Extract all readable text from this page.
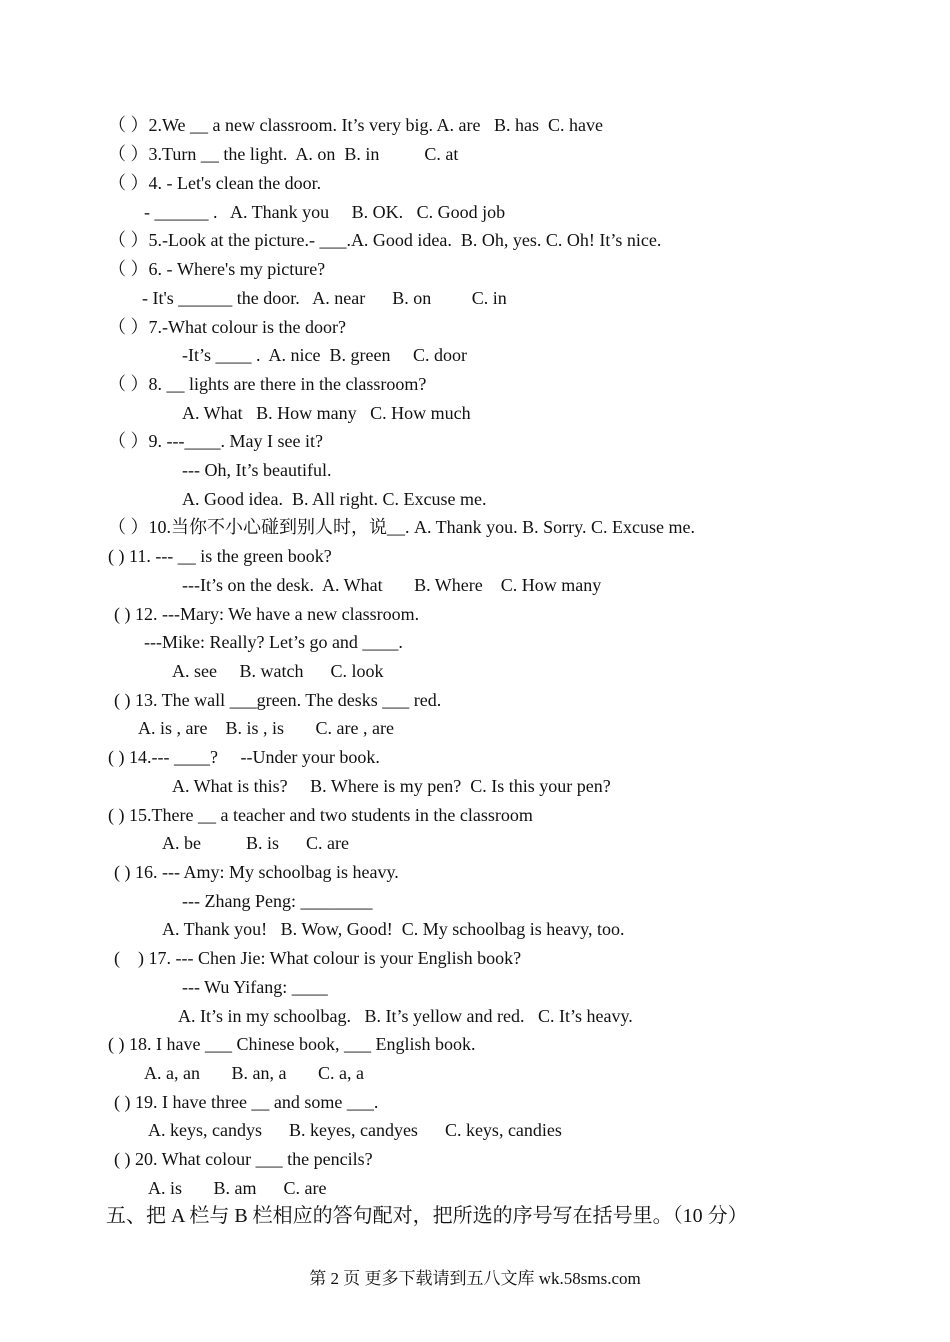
（ ）2.We __ a new classroom. It’s very big. A. are   B. has  C. have
（ ）3.Turn __ the light.  A. on  B. in          C. at
（ ）4. - Let's clean the door.
- ______ .   A. Thank you     B. OK.   C. Good job
（ ）5.-Look at the picture.- ___.A. Good idea.  B. Oh, yes. C. Oh! It’s nice.
（ ）6. - Where's my picture?
- It's ______ the door.   A. near      B. on         C. in
（ ）7.-What colour is the door?
-It’s ____ .  A. nice  B. green     C. door
（ ）8. __ lights are there in the classroom?
A. What   B. How many   C. How much
（ ）9. ---____. May I see it?
--- Oh, It’s beautiful.
A. Good idea.  B. All right. C. Excuse me.
（ ）10.当你不小心碰到别人时，说__. A. Thank you. B. Sorry. C. Excuse me.
( ) 11. --- __ is the green book?
---It’s on the desk.  A. What       B. Where    C. How many
( ) 12. ---Mary: We have a new classroom.
---Mike: Really? Let’s go and ____.
A. see     B. watch      C. look
( ) 13. The wall ___green. The desks ___ red.
A. is , are    B. is , is       C. are , are
( ) 14.--- ____?     --Under your book.
A. What is this?     B. Where is my pen?  C. Is this your pen?
( ) 15.There __ a teacher and two students in the classroom
A. be          B. is      C. are
( ) 16. --- Amy: My schoolbag is heavy.
--- Zhang Peng: ________
A. Thank you!   B. Wow, Good!  C. My schoolbag is heavy, too.
(    ) 17. --- Chen Jie: What colour is your English book?
--- Wu Yifang: ____
A. It’s in my schoolbag.   B. It’s yellow and red.   C. It’s heavy.
( ) 18. I have ___ Chinese book, ___ English book.
A. a, an       B. an, a       C. a, a
( ) 19. I have three __ and some ___.
A. keys, candys      B. keyes, candyes      C. keys, candies
( ) 20. What colour ___ the pencils?
A. is       B. am      C. are
五、把 A 栏与 B 栏相应的答句配对，把所选的序号写在括号里。（10 分）
第 2 页 更多下载请到五八文库 wk.58sms.com
